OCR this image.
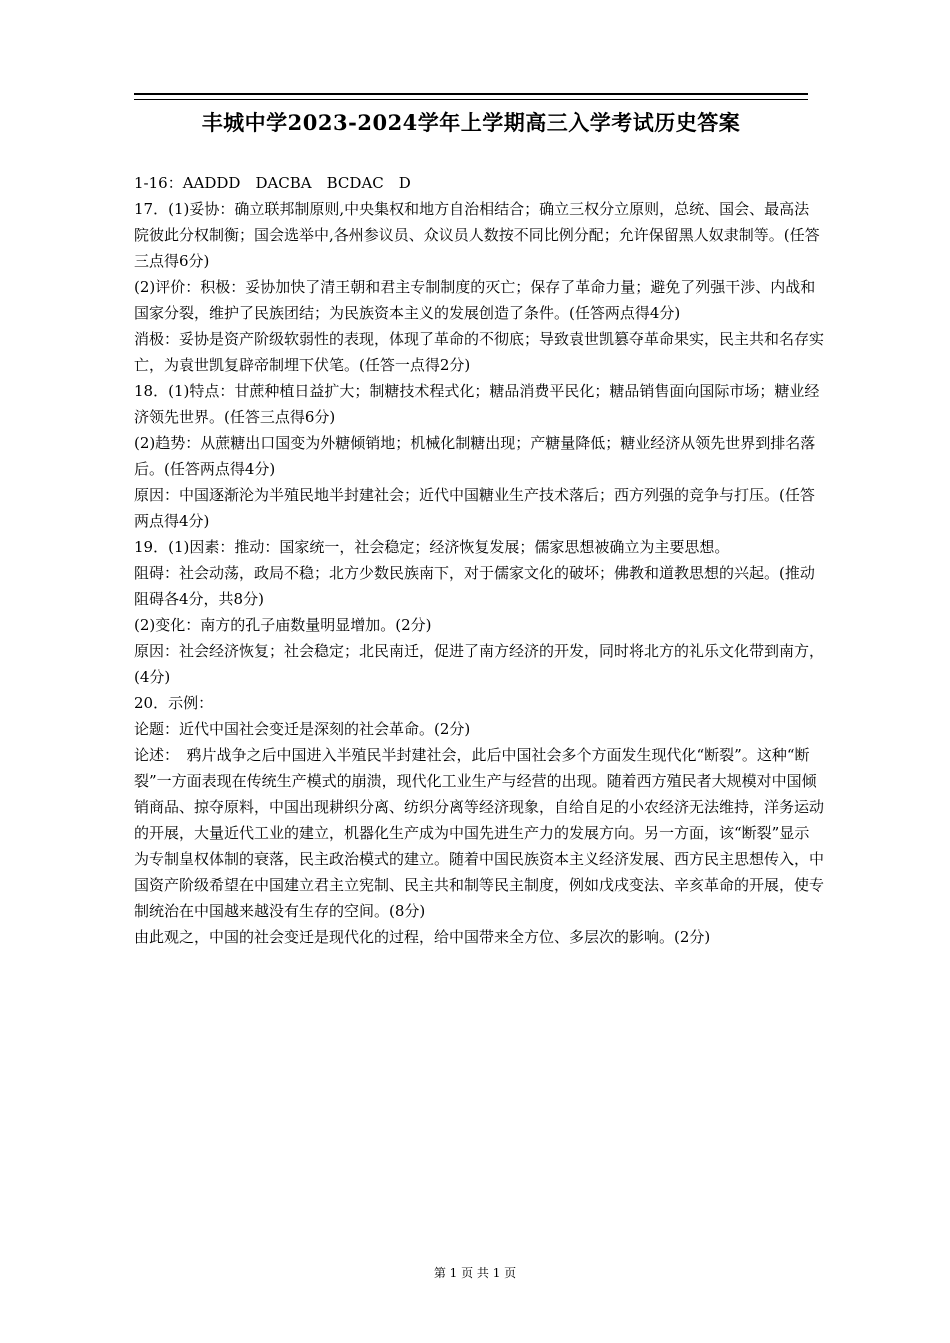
丰城中学2023-2024学年上学期高三入学考试历史答案

1-16：AADDD　DACBA　BCDAC　D

17．(1)妥协：确立联邦制原则,中央集权和地方自治相结合；确立三权分立原则，总统、国会、最高法院彼此分权制衡；国会选举中,各州参议员、众议员人数按不同比例分配；允许保留黑人奴隶制等。(任答三点得6分)

(2)评价：积极：妥协加快了清王朝和君主专制制度的灭亡；保存了革命力量；避免了列强干涉、内战和国家分裂，维护了民族团结；为民族资本主义的发展创造了条件。(任答两点得4分)

消极：妥协是资产阶级软弱性的表现，体现了革命的不彻底；导致袁世凯篡夺革命果实，民主共和名存实亡，为袁世凯复辟帝制埋下伏笔。(任答一点得2分)

18．(1)特点：甘蔗种植日益扩大；制糖技术程式化；糖品消费平民化；糖品销售面向国际市场；糖业经济领先世界。(任答三点得6分)

(2)趋势：从蔗糖出口国变为外糖倾销地；机械化制糖出现；产糖量降低；糖业经济从领先世界到排名落后。(任答两点得4分)

原因：中国逐渐沦为半殖民地半封建社会；近代中国糖业生产技术落后；西方列强的竞争与打压。(任答两点得4分)

19．(1)因素：推动：国家统一，社会稳定；经济恢复发展；儒家思想被确立为主要思想。

阻碍：社会动荡，政局不稳；北方少数民族南下，对于儒家文化的破坏；佛教和道教思想的兴起。(推动阻碍各4分，共8分)

(2)变化：南方的孔子庙数量明显增加。(2分)

原因：社会经济恢复；社会稳定；北民南迁，促进了南方经济的开发，同时将北方的礼乐文化带到南方，(4分)

20．示例：

论题：近代中国社会变迁是深刻的社会革命。(2分)

论述：　鸦片战争之后中国进入半殖民半封建社会，此后中国社会多个方面发生现代化“断裂”。这种“断裂”一方面表现在传统生产模式的崩溃，现代化工业生产与经营的出现。随着西方殖民者大规模对中国倾销商品、掠夺原料，中国出现耕织分离、纺织分离等经济现象，自给自足的小农经济无法维持，洋务运动的开展，大量近代工业的建立，机器化生产成为中国先进生产力的发展方向。另一方面，该“断裂”显示为专制皇权体制的衰落，民主政治模式的建立。随着中国民族资本主义经济发展、西方民主思想传入，中国资产阶级希望在中国建立君主立宪制、民主共和制等民主制度，例如戊戌变法、辛亥革命的开展，使专制统治在中国越来越没有生存的空间。(8分)

由此观之，中国的社会变迁是现代化的过程，给中国带来全方位、多层次的影响。(2分)

第 1 页 共 1 页
